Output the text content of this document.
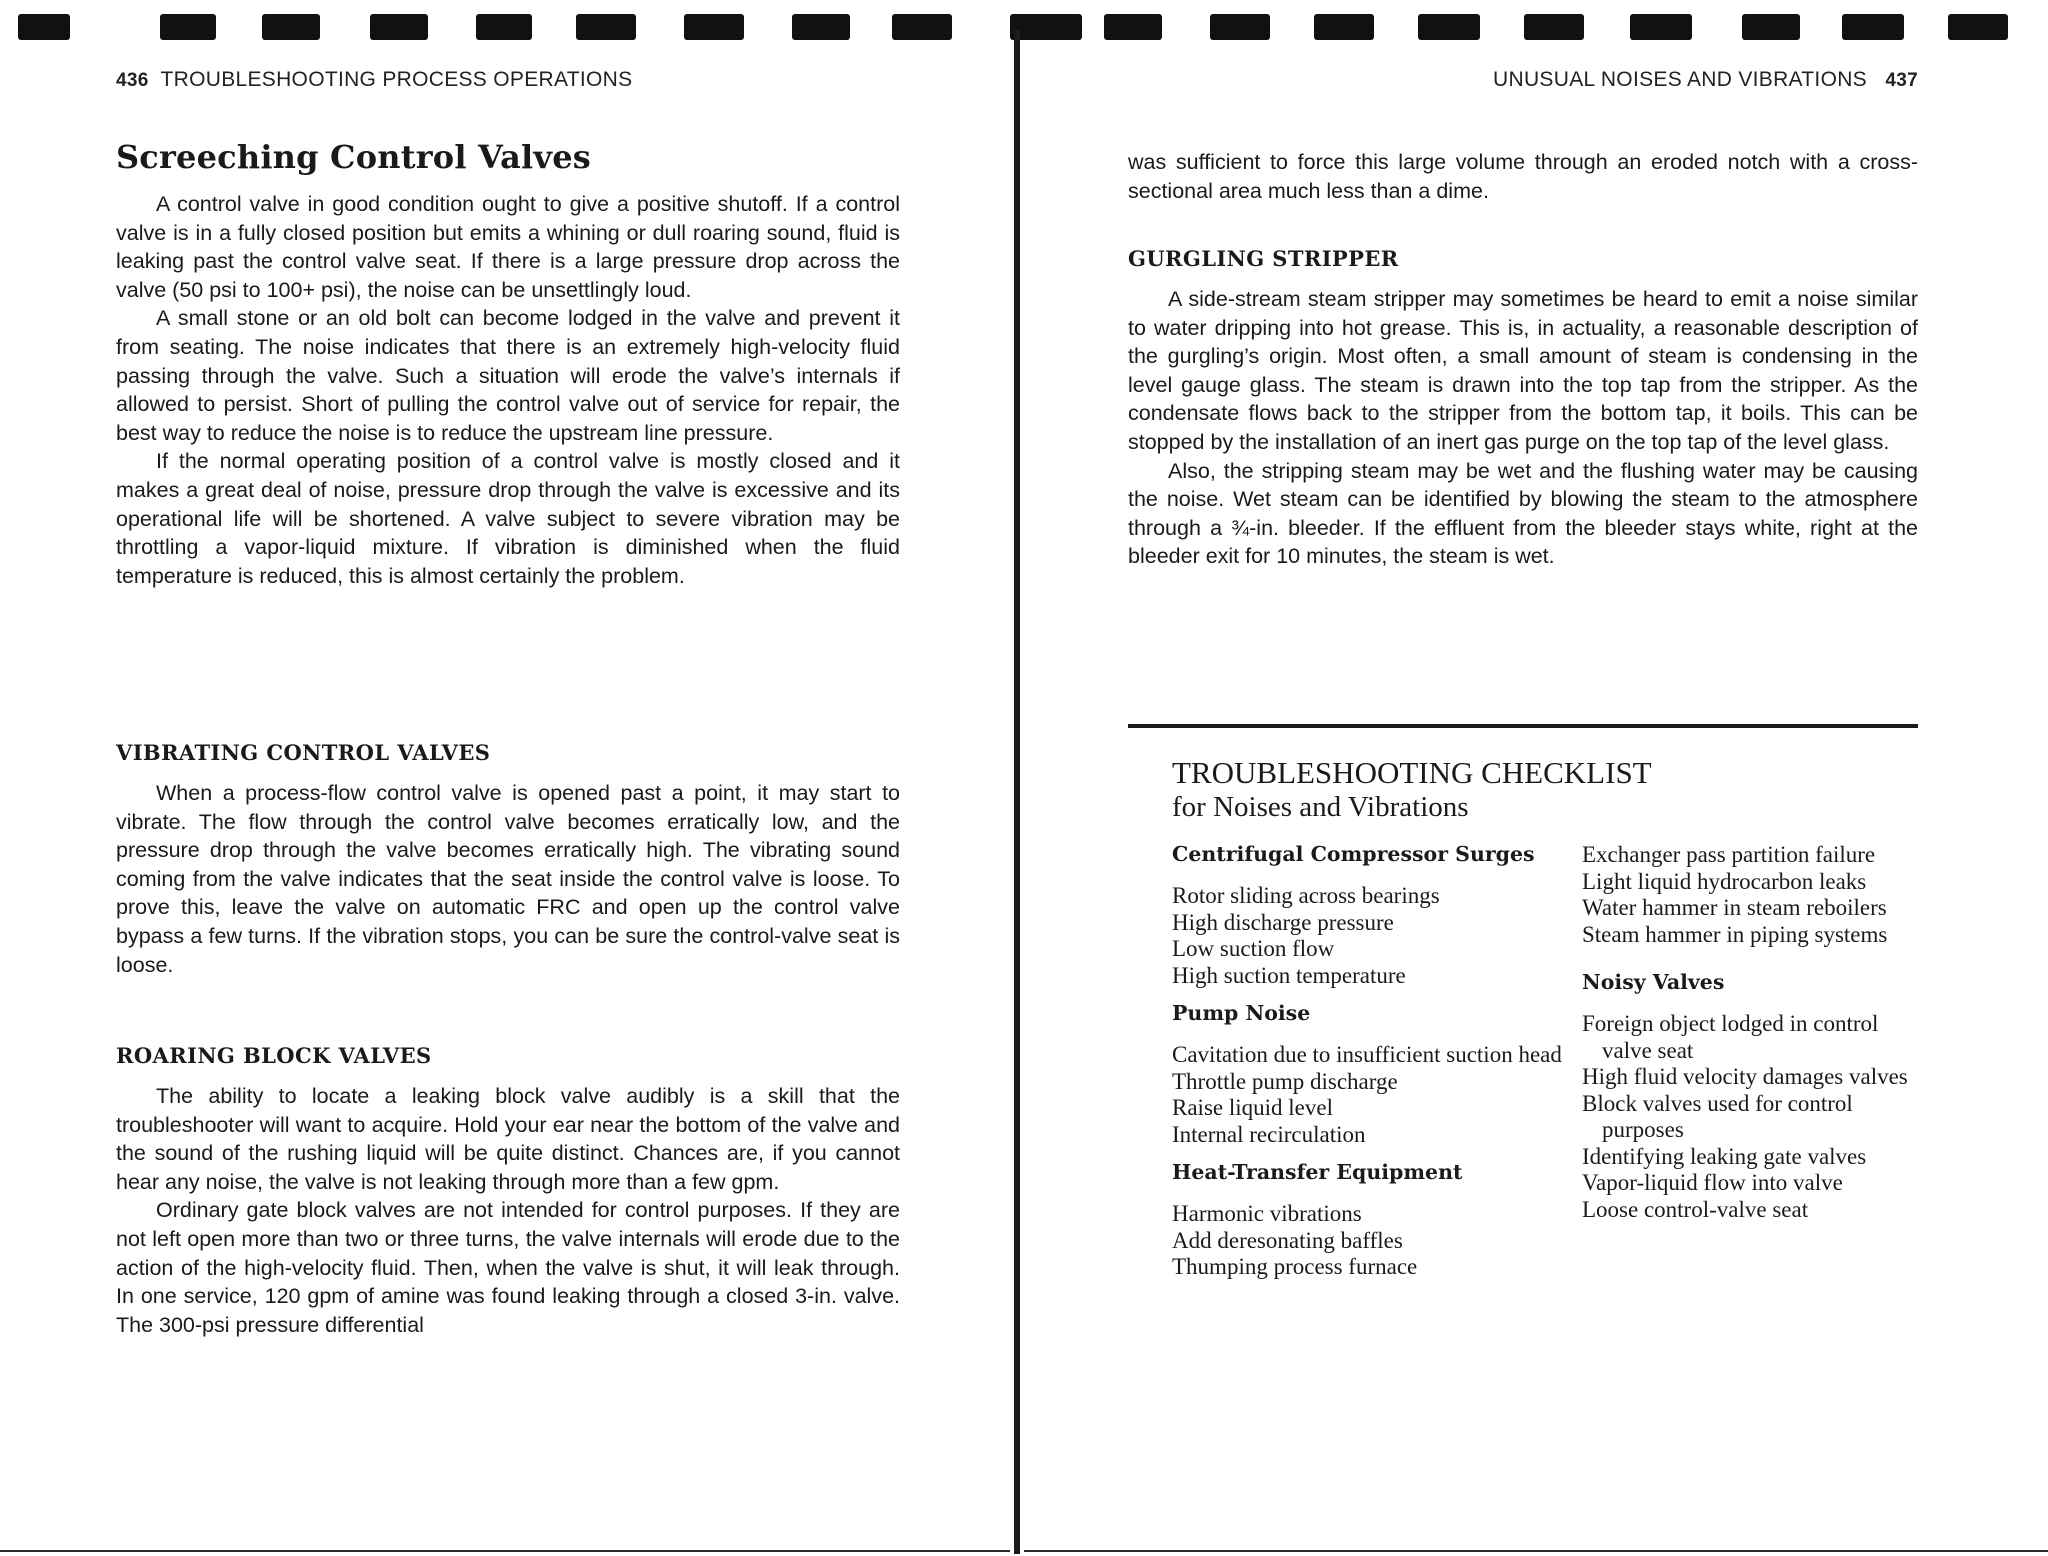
436 TROUBLESHOOTING PROCESS OPERATIONS
Screeching Control Valves

A control valve in good condition ought to give a positive shutoff. If a control valve is in a fully closed position but emits a whining or dull roaring sound, fluid is leaking past the control valve seat. If there is a large pressure drop across the valve (50 psi to 100+ psi), the noise can be unsettlingly loud.

A small stone or an old bolt can become lodged in the valve and prevent it from seating. The noise indicates that there is an extremely high-velocity fluid passing through the valve. Such a situation will erode the valve’s internals if allowed to persist. Short of pulling the control valve out of service for repair, the best way to reduce the noise is to reduce the upstream line pressure.

If the normal operating position of a control valve is mostly closed and it makes a great deal of noise, pressure drop through the valve is excessive and its operational life will be shortened. A valve subject to severe vibration may be throttling a vapor-liquid mixture. If vibration is diminished when the fluid temperature is reduced, this is almost certainly the problem.

VIBRATING CONTROL VALVES

When a process-flow control valve is opened past a point, it may start to vibrate. The flow through the control valve becomes erratically low, and the pressure drop through the valve becomes erratically high. The vibrating sound coming from the valve indicates that the seat inside the control valve is loose. To prove this, leave the valve on automatic FRC and open up the control valve bypass a few turns. If the vibration stops, you can be sure the control-valve seat is loose.

ROARING BLOCK VALVES

The ability to locate a leaking block valve audibly is a skill that the troubleshooter will want to acquire. Hold your ear near the bottom of the valve and the sound of the rushing liquid will be quite distinct. Chances are, if you cannot hear any noise, the valve is not leaking through more than a few gpm.

Ordinary gate block valves are not intended for control purposes. If they are not left open more than two or three turns, the valve internals will erode due to the action of the high-velocity fluid. Then, when the valve is shut, it will leak through. In one service, 120 gpm of amine was found leaking through a closed 3-in. valve. The 300-psi pressure differential

UNUSUAL NOISES AND VIBRATIONS 437

was sufficient to force this large volume through an eroded notch with a cross-sectional area much less than a dime.

GURGLING STRIPPER

A side-stream steam stripper may sometimes be heard to emit a noise similar to water dripping into hot grease. This is, in actuality, a reasonable description of the gurgling’s origin. Most often, a small amount of steam is condensing in the level gauge glass. The steam is drawn into the top tap from the stripper. As the condensate flows back to the stripper from the bottom tap, it boils. This can be stopped by the installation of an inert gas purge on the top tap of the level glass.

Also, the stripping steam may be wet and the flushing water may be causing the noise. Wet steam can be identified by blowing the steam to the atmosphere through a ¾-in. bleeder. If the effluent from the bleeder stays white, right at the bleeder exit for 10 minutes, the steam is wet.

TROUBLESHOOTING CHECKLIST

for Noises and Vibrations

Centrifugal Compressor Surges

Rotor sliding across bearings

High discharge pressure

Low suction flow

High suction temperature

Pump Noise

Cavitation due to insufficient suction head

Throttle pump discharge

Raise liquid level

Internal recirculation

Heat-Transfer Equipment

Harmonic vibrations

Add deresonating baffles

Thumping process furnace

Exchanger pass partition failure

Light liquid hydrocarbon leaks

Water hammer in steam reboilers

Steam hammer in piping systems

Noisy Valves

Foreign object lodged in control valve seat

High fluid velocity damages valves

Block valves used for control purposes

Identifying leaking gate valves

Vapor-liquid flow into valve

Loose control-valve seat
